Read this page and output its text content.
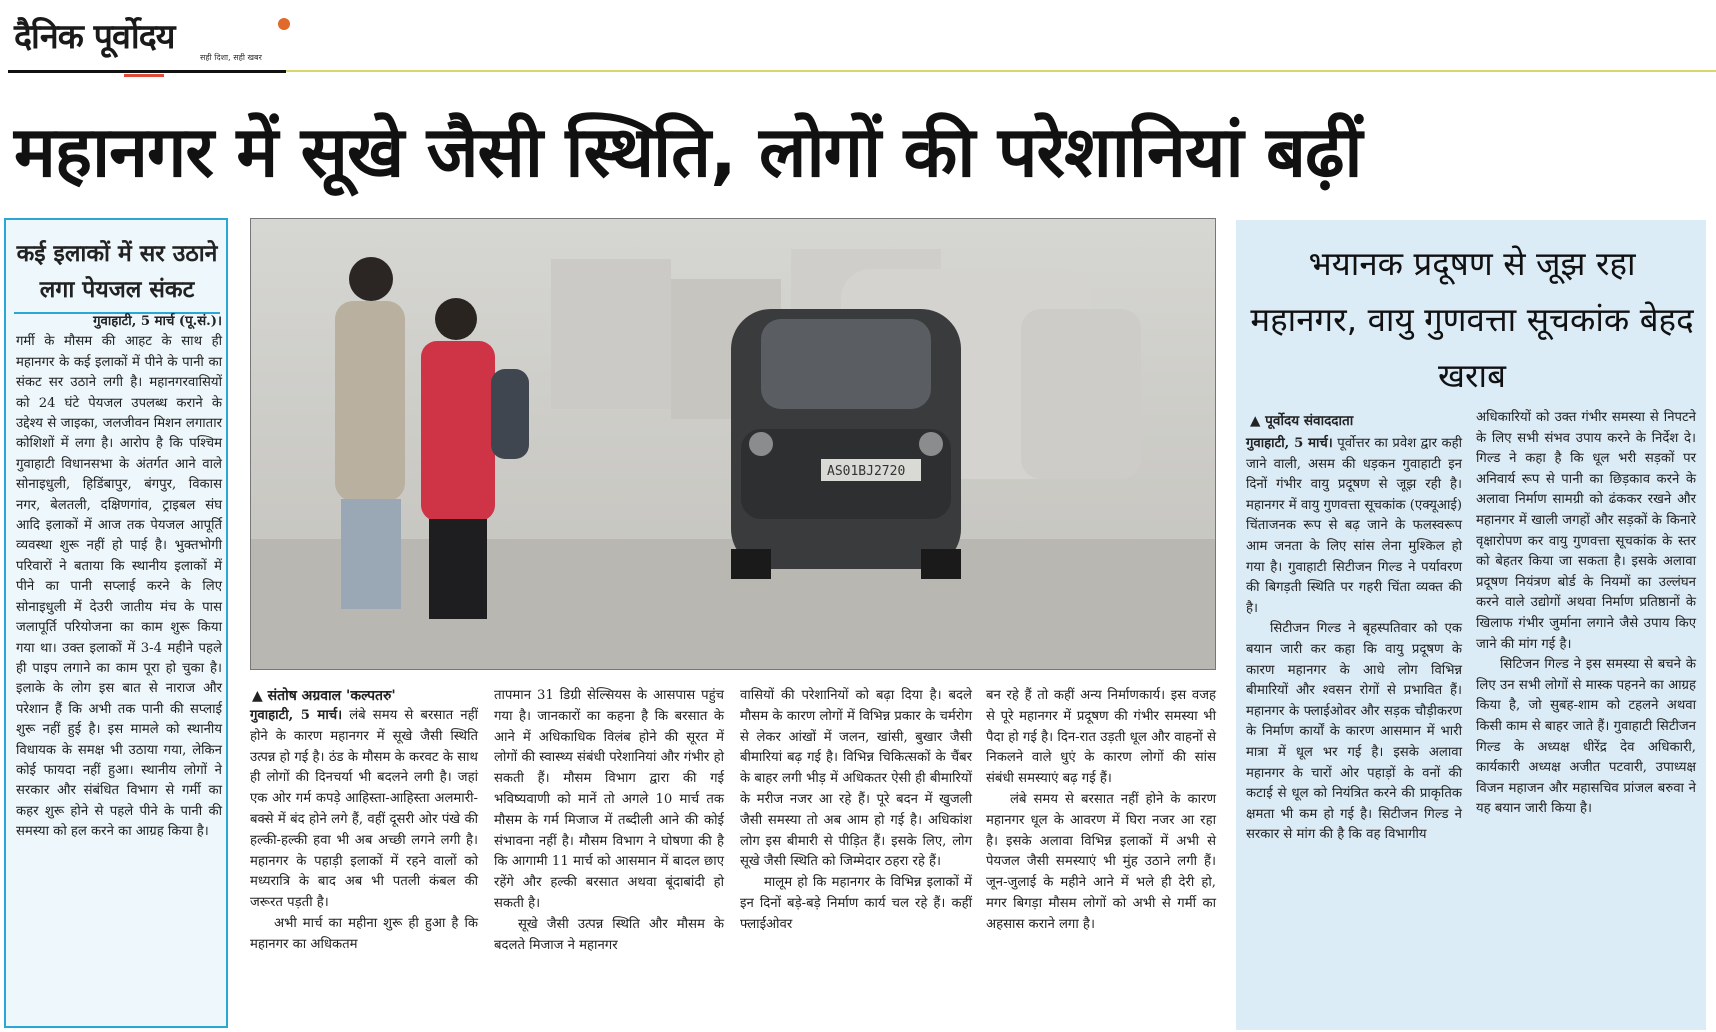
दैनिक पूर्वोदय
सही दिशा, सही खबर
महानगर में सूखे जैसी स्थिति, लोगों की परेशानियां बढ़ीं
कई इलाकों में सर उठाने लगा पेयजल संकट

गुवाहाटी, 5 मार्च (पू.सं.)।

गर्मी के मौसम की आहट के साथ ही महानगर के कई इलाकों में पीने के पानी का संकट सर उठाने लगी है। महानगरवासियों को 24 घंटे पेयजल उपलब्ध कराने के उद्देश्य से जाइका, जलजीवन मिशन लगातार कोशिशों में लगा है। आरोप है कि पश्चिम गुवाहाटी विधानसभा के अंतर्गत आने वाले सोनाइधुली, हिडिंबापुर, बंगपुर, विकास नगर, बेलतली, दक्षिणगांव, ट्राइबल संघ आदि इलाकों में आज तक पेयजल आपूर्ति व्यवस्था शुरू नहीं हो पाई है। भुक्तभोगी परिवारों ने बताया कि स्थानीय इलाकों में पीने का पानी सप्लाई करने के लिए सोनाइधुली में देउरी जातीय मंच के पास जलापूर्ति परियोजना का काम शुरू किया गया था। उक्त इलाकों में 3-4 महीने पहले ही पाइप लगाने का काम पूरा हो चुका है। इलाके के लोग इस बात से नाराज और परेशान हैं कि अभी तक पानी की सप्लाई शुरू नहीं हुई है। इस मामले को स्थानीय विधायक के समक्ष भी उठाया गया, लेकिन कोई फायदा नहीं हुआ। स्थानीय लोगों ने सरकार और संबंधित विभाग से गर्मी का कहर शुरू होने से पहले पीने के पानी की समस्या को हल करने का आग्रह किया है।

AS01BJ2720
▲ संतोष अग्रवाल 'कल्पतरु'

गुवाहाटी, 5 मार्च। लंबे समय से बरसात नहीं होने के कारण महानगर में सूखे जैसी स्थिति उत्पन्न हो गई है। ठंड के मौसम के करवट के साथ ही लोगों की दिनचर्या भी बदलने लगी है। जहां एक ओर गर्म कपड़े आहिस्ता-आहिस्ता अलमारी-बक्से में बंद होने लगे हैं, वहीं दूसरी ओर पंखे की हल्की-हल्की हवा भी अब अच्छी लगने लगी है। महानगर के पहाड़ी इलाकों में रहने वालों को मध्यरात्रि के बाद अब भी पतली कंबल की जरूरत पड़ती है।

अभी मार्च का महीना शुरू ही हुआ है कि महानगर का अधिकतम

तापमान 31 डिग्री सेल्सियस के आसपास पहुंच गया है। जानकारों का कहना है कि बरसात के आने में अधिकाधिक विलंब होने की सूरत में लोगों की स्वास्थ्य संबंधी परेशानियां और गंभीर हो सकती हैं। मौसम विभाग द्वारा की गई भविष्यवाणी को मानें तो अगले 10 मार्च तक मौसम के गर्म मिजाज में तब्दीली आने की कोई संभावना नहीं है। मौसम विभाग ने घोषणा की है कि आगामी 11 मार्च को आसमान में बादल छाए रहेंगे और हल्की बरसात अथवा बूंदाबांदी हो सकती है।

सूखे जैसी उत्पन्न स्थिति और मौसम के बदलते मिजाज ने महानगर

वासियों की परेशानियों को बढ़ा दिया है। बदले मौसम के कारण लोगों में विभिन्न प्रकार के चर्मरोग से लेकर आंखों में जलन, खांसी, बुखार जैसी बीमारियां बढ़ गई है। विभिन्न चिकित्सकों के चैंबर के बाहर लगी भीड़ में अधिकतर ऐसी ही बीमारियों के मरीज नजर आ रहे हैं। पूरे बदन में खुजली जैसी समस्या तो अब आम हो गई है। अधिकांश लोग इस बीमारी से पीड़ित हैं। इसके लिए, लोग सूखे जैसी स्थिति को जिम्मेदार ठहरा रहे हैं।

मालूम हो कि महानगर के विभिन्न इलाकों में इन दिनों बड़े-बड़े निर्माण कार्य चल रहे हैं। कहीं फ्लाईओवर

बन रहे हैं तो कहीं अन्य निर्माणकार्य। इस वजह से पूरे महानगर में प्रदूषण की गंभीर समस्या भी पैदा हो गई है। दिन-रात उड़ती धूल और वाहनों से निकलने वाले धुएं के कारण लोगों की सांस संबंधी समस्याएं बढ़ गई हैं।

लंबे समय से बरसात नहीं होने के कारण महानगर धूल के आवरण में घिरा नजर आ रहा है। इसके अलावा विभिन्न इलाकों में अभी से पेयजल जैसी समस्याएं भी मुंह उठाने लगी हैं। जून-जुलाई के महीने आने में भले ही देरी हो, मगर बिगड़ा मौसम लोगों को अभी से गर्मी का अहसास कराने लगा है।

भयानक प्रदूषण से जूझ रहा महानगर, वायु गुणवत्ता सूचकांक बेहद खराब
▲ पूर्वोदय संवाददाता

गुवाहाटी, 5 मार्च। पूर्वोत्तर का प्रवेश द्वार कही जाने वाली, असम की धड़कन गुवाहाटी इन दिनों गंभीर वायु प्रदूषण से जूझ रही है। महानगर में वायु गुणवत्ता सूचकांक (एक्यूआई) चिंताजनक रूप से बढ़ जाने के फलस्वरूप आम जनता के लिए सांस लेना मुश्किल हो गया है। गुवाहाटी सिटीजन गिल्ड ने पर्यावरण की बिगड़ती स्थिति पर गहरी चिंता व्यक्त की है।

सिटीजन गिल्ड ने बृहस्पतिवार को एक बयान जारी कर कहा कि वायु प्रदूषण के कारण महानगर के आधे लोग विभिन्न बीमारियों और श्वसन रोगों से प्रभावित हैं। महानगर के फ्लाईओवर और सड़क चौड़ीकरण के निर्माण कार्यों के कारण आसमान में भारी मात्रा में धूल भर गई है। इसके अलावा महानगर के चारों ओर पहाड़ों के वनों की कटाई से धूल को नियंत्रित करने की प्राकृतिक क्षमता भी कम हो गई है। सिटीजन गिल्ड ने सरकार से मांग की है कि वह विभागीय

अधिकारियों को उक्त गंभीर समस्या से निपटने के लिए सभी संभव उपाय करने के निर्देश दे। गिल्ड ने कहा है कि धूल भरी सड़कों पर अनिवार्य रूप से पानी का छिड़काव करने के अलावा निर्माण सामग्री को ढंककर रखने और महानगर में खाली जगहों और सड़कों के किनारे वृक्षारोपण कर वायु गुणवत्ता सूचकांक के स्तर को बेहतर किया जा सकता है। इसके अलावा प्रदूषण नियंत्रण बोर्ड के नियमों का उल्लंघन करने वाले उद्योगों अथवा निर्माण प्रतिष्ठानों के खिलाफ गंभीर जुर्माना लगाने जैसे उपाय किए जाने की मांग गई है।

सिटिजन गिल्ड ने इस समस्या से बचने के लिए उन सभी लोगों से मास्क पहनने का आग्रह किया है, जो सुबह-शाम को टहलने अथवा किसी काम से बाहर जाते हैं। गुवाहाटी सिटीजन गिल्ड के अध्यक्ष धीरेंद्र देव अधिकारी, कार्यकारी अध्यक्ष अजीत पटवारी, उपाध्यक्ष विजन महाजन और महासचिव प्रांजल बरुवा ने यह बयान जारी किया है।
